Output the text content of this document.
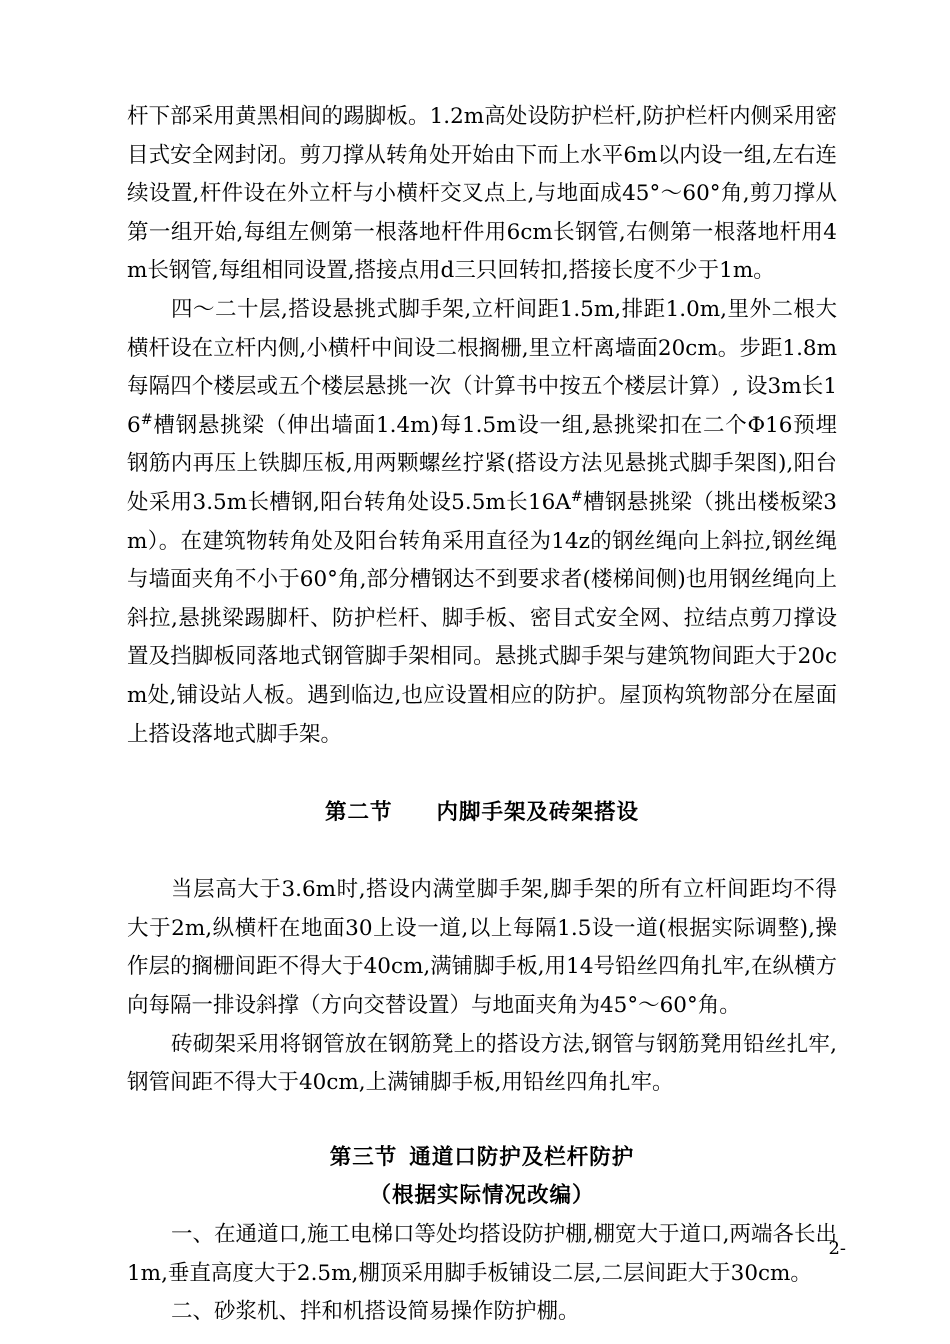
杆下部采用黄黑相间的踢脚板。1.2m高处设防护栏杆,防护栏杆内侧采用密目式安全网封闭。剪刀撑从转角处开始由下而上水平6m以内设一组,左右连续设置,杆件设在外立杆与小横杆交叉点上,与地面成45°～60°角,剪刀撑从第一组开始,每组左侧第一根落地杆件用6cm长钢管,右侧第一根落地杆用4m长钢管,每组相同设置,搭接点用d三只回转扣,搭接长度不少于1m。

四～二十层,搭设悬挑式脚手架,立杆间距1.5m,排距1.0m,里外二根大横杆设在立杆内侧,小横杆中间设二根搁栅,里立杆离墙面20cm。步距1.8m每隔四个楼层或五个楼层悬挑一次（计算书中按五个楼层计算）, 设3m长16#槽钢悬挑梁（伸出墙面1.4m)每1.5m设一组,悬挑梁扣在二个Φ16预埋钢筋内再压上铁脚压板,用两颗螺丝拧紧(搭设方法见悬挑式脚手架图),阳台处采用3.5m长槽钢,阳台转角处设5.5m长16A#槽钢悬挑梁（挑出楼板梁3m）。在建筑物转角处及阳台转角采用直径为14z的钢丝绳向上斜拉,钢丝绳与墙面夹角不小于60°角,部分槽钢达不到要求者(楼梯间侧)也用钢丝绳向上斜拉,悬挑梁踢脚杆、防护栏杆、脚手板、密目式安全网、拉结点剪刀撑设置及挡脚板同落地式钢管脚手架相同。悬挑式脚手架与建筑物间距大于20cm处,铺设站人板。遇到临边,也应设置相应的防护。屋顶构筑物部分在屋面上搭设落地式脚手架。

第二节 内脚手架及砖架搭设

当层高大于3.6m时,搭设内满堂脚手架,脚手架的所有立杆间距均不得大于2m,纵横杆在地面30上设一道,以上每隔1.5设一道(根据实际调整),操作层的搁栅间距不得大于40cm,满铺脚手板,用14号铅丝四角扎牢,在纵横方向每隔一排设斜撑（方向交替设置）与地面夹角为45°～60°角。

砖砌架采用将钢管放在钢筋凳上的搭设方法,钢管与钢筋凳用铅丝扎牢,钢管间距不得大于40cm,上满铺脚手板,用铅丝四角扎牢。

第三节 通道口防护及栏杆防护

（根据实际情况改编）

一、在通道口,施工电梯口等处均搭设防护棚,棚宽大于道口,两端各长出1m,垂直高度大于2.5m,棚顶采用脚手板铺设二层,二层间距大于30cm。

二、砂浆机、拌和机搭设简易操作防护棚。

2-
